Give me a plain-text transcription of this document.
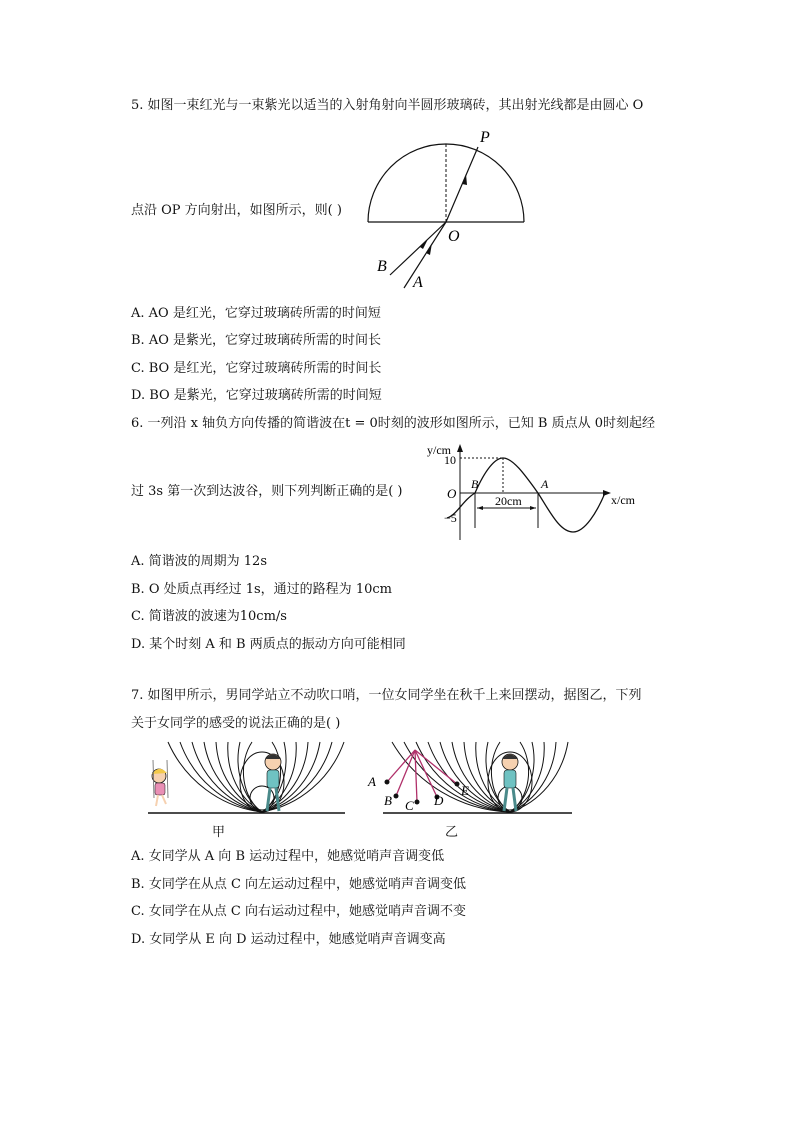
5. 如图一束红光与一束紫光以适当的入射角射向半圆形玻璃砖，其出射光线都是由圆心 O
点沿 OP 方向射出，如图所示，则( )
P
O
B
A
A. AO 是红光，它穿过玻璃砖所需的时间短
B. AO 是紫光，它穿过玻璃砖所需的时间长
C. BO 是红光，它穿过玻璃砖所需的时间长
D. BO 是紫光，它穿过玻璃砖所需的时间短
6. 一列沿 x 轴负方向传播的简谐波在t = 0时刻的波形如图所示，已知 B 质点从 0时刻起经
过 3s 第一次到达波谷，则下列判断正确的是( )
y/cm
x/cm
O
10
−5
B	A
20cm
A. 简谐波的周期为 12s
B. O 处质点再经过 1s，通过的路程为 10cm
C. 简谐波的波速为10cm/s
D. 某个时刻 A 和 B 两质点的振动方向可能相同
7. 如图甲所示，男同学站立不动吹口哨，一位女同学坐在秋千上来回摆动，据图乙，下列
关于女同学的感受的说法正确的是( )
甲
A
B C D
E
乙
A. 女同学从 A 向 B 运动过程中，她感觉哨声音调变低
B. 女同学在从点 C 向左运动过程中，她感觉哨声音调变低
C. 女同学在从点 C 向右运动过程中，她感觉哨声音调不变
D. 女同学从 E 向 D 运动过程中，她感觉哨声音调变高
